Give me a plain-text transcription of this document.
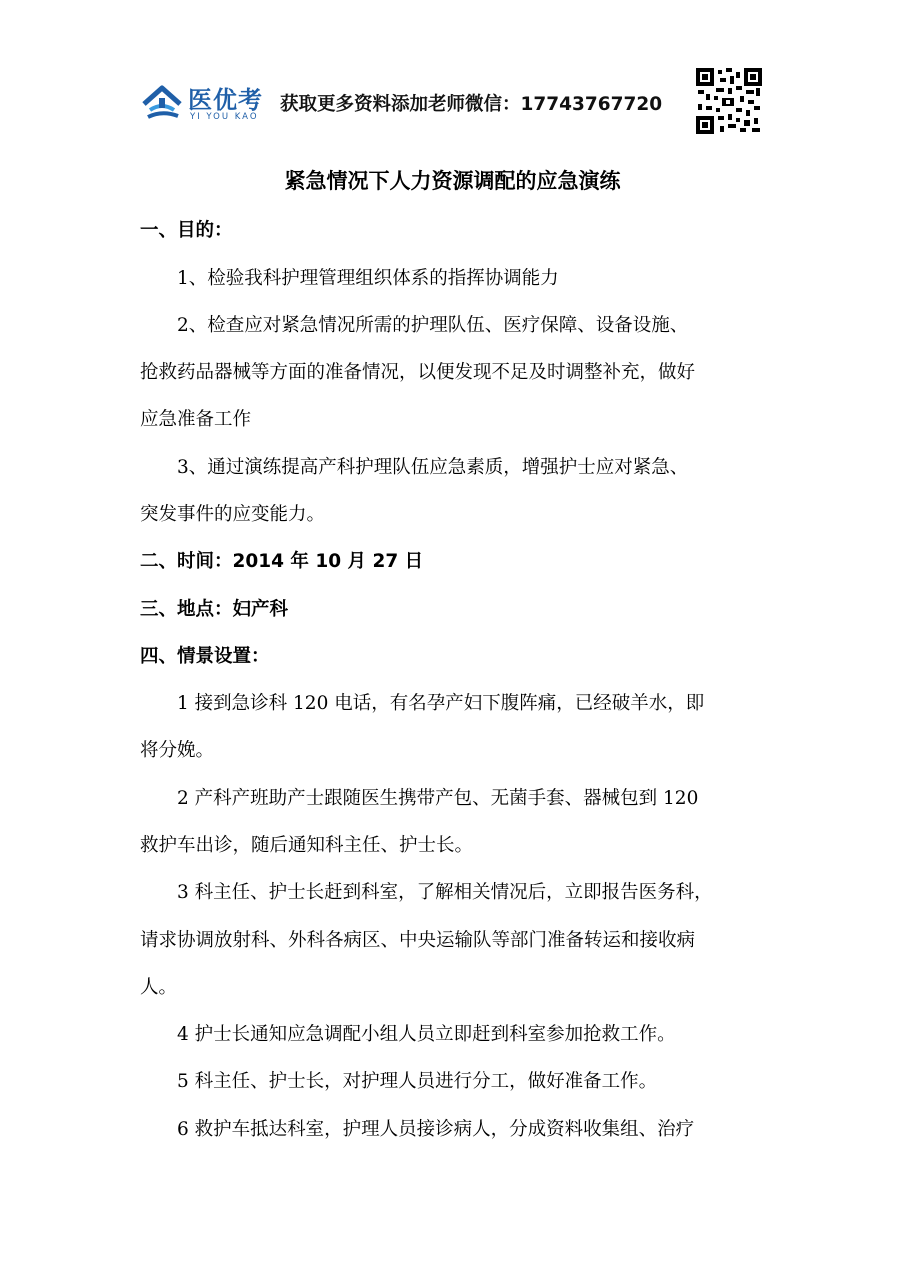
医优考
YI YOU KAO
获取更多资料添加老师微信：17743767720
紧急情况下人力资源调配的应急演练
一、目的：
1、检验我科护理管理组织体系的指挥协调能力
2、检查应对紧急情况所需的护理队伍、医疗保障、设备设施、
抢救药品器械等方面的准备情况，以便发现不足及时调整补充，做好
应急准备工作
3、通过演练提高产科护理队伍应急素质，增强护士应对紧急、
突发事件的应变能力。
二、时间：2014 年 10 月 27 日
三、地点：妇产科
四、情景设置：
1 接到急诊科 120 电话，有名孕产妇下腹阵痛，已经破羊水，即
将分娩。
2 产科产班助产士跟随医生携带产包、无菌手套、器械包到 120
救护车出诊，随后通知科主任、护士长。
3 科主任、护士长赶到科室，了解相关情况后，立即报告医务科，
请求协调放射科、外科各病区、中央运输队等部门准备转运和接收病
人。
4 护士长通知应急调配小组人员立即赶到科室参加抢救工作。
5 科主任、护士长，对护理人员进行分工，做好准备工作。
6 救护车抵达科室，护理人员接诊病人，分成资料收集组、治疗
